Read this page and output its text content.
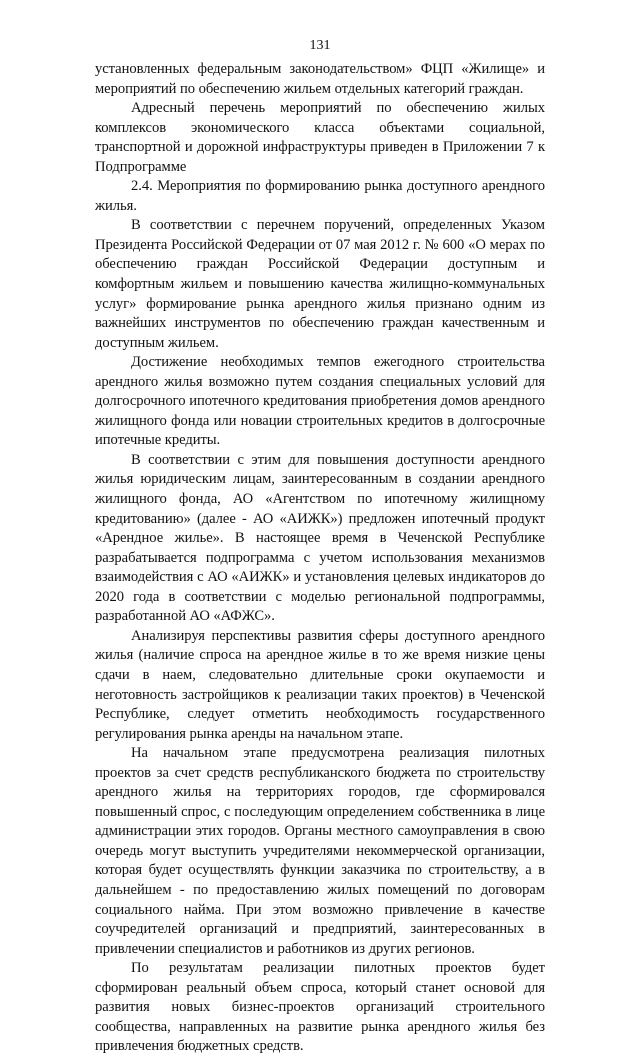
131

установленных федеральным законодательством» ФЦП «Жилище» и мероприятий по обеспечению жильем отдельных категорий граждан.

Адресный перечень мероприятий по обеспечению жилых комплексов экономического класса объектами социальной, транспортной и дорожной инфраструктуры приведен в Приложении 7 к Подпрограмме

2.4. Мероприятия по формированию рынка доступного арендного жилья.

В соответствии с перечнем поручений, определенных Указом Президента Российской Федерации от 07 мая 2012 г. № 600 «О мерах по обеспечению граждан Российской Федерации доступным и комфортным жильем и повышению качества жилищно-коммунальных услуг» формирование рынка арендного жилья признано одним из важнейших инструментов по обеспечению граждан качественным и доступным жильем.

Достижение необходимых темпов ежегодного строительства арендного жилья возможно путем создания специальных условий для долгосрочного ипотечного кредитования приобретения домов арендного жилищного фонда или новации строительных кредитов в долгосрочные ипотечные кредиты.

В соответствии с этим для повышения доступности арендного жилья юридическим лицам, заинтересованным в создании арендного жилищного фонда, АО «Агентством по ипотечному жилищному кредитованию» (далее - АО «АИЖК») предложен ипотечный продукт «Арендное жилье». В настоящее время в Чеченской Республике разрабатывается подпрограмма с учетом использования механизмов взаимодействия с АО «АИЖК» и установления целевых индикаторов до 2020 года в соответствии с моделью региональной подпрограммы, разработанной АО «АФЖС».

Анализируя перспективы развития сферы доступного арендного жилья (наличие спроса на арендное жилье в то же время низкие цены сдачи в наем, следовательно длительные сроки окупаемости и неготовность застройщиков к реализации таких проектов) в Чеченской Республике, следует отметить необходимость государственного регулирования рынка аренды на начальном этапе.

На начальном этапе предусмотрена реализация пилотных проектов за счет средств республиканского бюджета по строительству арендного жилья на территориях городов, где сформировался повышенный спрос, с последующим определением собственника в лице администрации этих городов. Органы местного самоуправления в свою очередь могут выступить учредителями некоммерческой организации, которая будет осуществлять функции заказчика по строительству, а в дальнейшем - по предоставлению жилых помещений по договорам социального найма. При этом возможно привлечение в качестве соучредителей организаций и предприятий, заинтересованных в привлечении специалистов и работников из других регионов.

По результатам реализации пилотных проектов будет сформирован реальный объем спроса, который станет основой для развития новых бизнес-проектов организаций строительного сообщества, направленных на развитие рынка арендного жилья без привлечения бюджетных средств.
